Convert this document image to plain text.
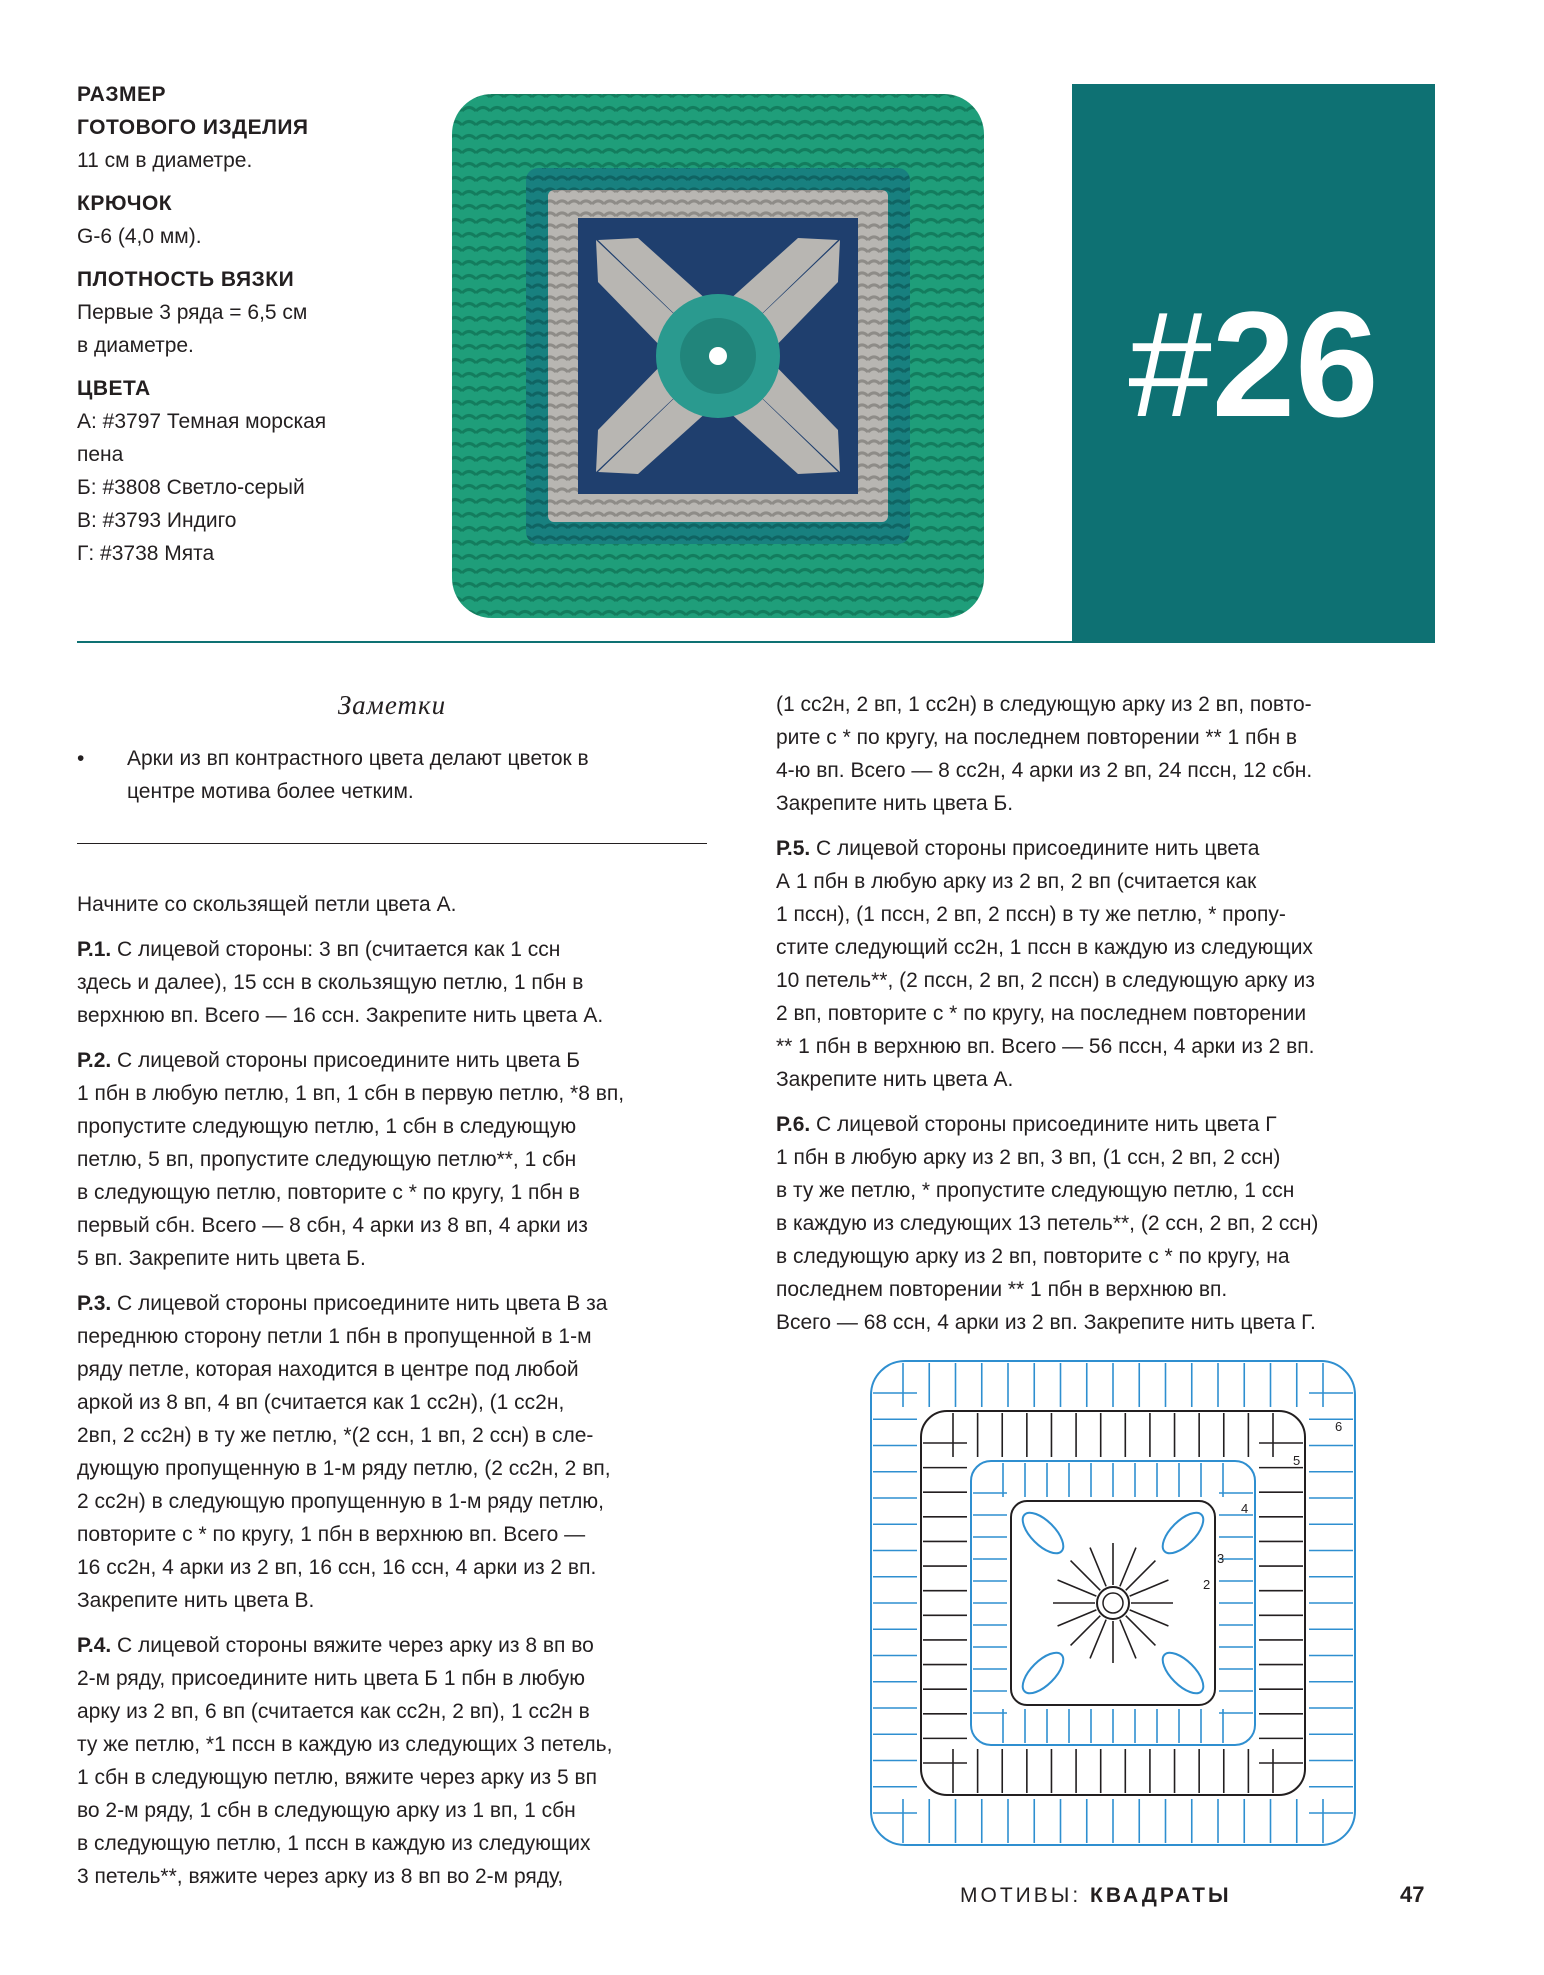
РАЗМЕР
ГОТОВОГО ИЗДЕЛИЯ
11 см в диаметре.
КРЮЧОК
G-6 (4,0 мм).
ПЛОТНОСТЬ ВЯЗКИ
Первые 3 ряда = 6,5 см
в диаметре.
ЦВЕТА
А: #3797 Темная морская
пена
Б: #3808 Светло-серый
В: #3793 Индиго
Г: #3738 Мята
#26
Заметки
• Арки из вп контрастного цвета делают цветок в
центре мотива более четким.

Начните со скользящей петли цвета А.

Р.1. С лицевой стороны: 3 вп (считается как 1 ссн
здесь и далее), 15 ссн в скользящую петлю, 1 пбн в
верхнюю вп. Всего — 16 ссн. Закрепите нить цвета А.

Р.2. С лицевой стороны присоедините нить цвета Б
1 пбн в любую петлю, 1 вп, 1 сбн в первую петлю, *8 вп,
пропустите следующую петлю, 1 сбн в следующую
петлю, 5 вп, пропустите следующую петлю**, 1 сбн
в следующую петлю, повторите с * по кругу, 1 пбн в
первый сбн. Всего — 8 сбн, 4 арки из 8 вп, 4 арки из
5 вп. Закрепите нить цвета Б.

Р.3. С лицевой стороны присоедините нить цвета В за
переднюю сторону петли 1 пбн в пропущенной в 1-м
ряду петле, которая находится в центре под любой
аркой из 8 вп, 4 вп (считается как 1 сс2н), (1 сс2н,
2вп, 2 сс2н) в ту же петлю, *(2 ссн, 1 вп, 2 ссн) в сле-
дующую пропущенную в 1-м ряду петлю, (2 сс2н, 2 вп,
2 сс2н) в следующую пропущенную в 1-м ряду петлю,
повторите с * по кругу, 1 пбн в верхнюю вп. Всего —
16 сс2н, 4 арки из 2 вп, 16 ссн, 16 ссн, 4 арки из 2 вп.
Закрепите нить цвета В.

Р.4. С лицевой стороны вяжите через арку из 8 вп во
2-м ряду, присоедините нить цвета Б 1 пбн в любую
арку из 2 вп, 6 вп (считается как сс2н, 2 вп), 1 сс2н в
ту же петлю, *1 пссн в каждую из следующих 3 петель,
1 сбн в следующую петлю, вяжите через арку из 5 вп
во 2-м ряду, 1 сбн в следующую арку из 1 вп, 1 сбн
в следующую петлю, 1 пссн в каждую из следующих
3 петель**, вяжите через арку из 8 вп во 2-м ряду,

(1 сс2н, 2 вп, 1 сс2н) в следующую арку из 2 вп, повто-
рите с * по кругу, на последнем повторении ** 1 пбн в
4-ю вп. Всего — 8 сс2н, 4 арки из 2 вп, 24 пссн, 12 сбн.
Закрепите нить цвета Б.

Р.5. С лицевой стороны присоедините нить цвета
А 1 пбн в любую арку из 2 вп, 2 вп (считается как
1 пссн), (1 пссн, 2 вп, 2 пссн) в ту же петлю, * пропу-
стите следующий сс2н, 1 пссн в каждую из следующих
10 петель**, (2 пссн, 2 вп, 2 пссн) в следующую арку из
2 вп, повторите с * по кругу, на последнем повторении
** 1 пбн в верхнюю вп. Всего — 56 пссн, 4 арки из 2 вп.
Закрепите нить цвета А.

Р.6. С лицевой стороны присоедините нить цвета Г
1 пбн в любую арку из 2 вп, 3 вп, (1 ссн, 2 вп, 2 ссн)
в ту же петлю, * пропустите следующую петлю, 1 ссн
в каждую из следующих 13 петель**, (2 ссн, 2 вп, 2 ссн)
в следующую арку из 2 вп, повторите с * по кругу, на
последнем повторении ** 1 пбн в верхнюю вп.
Всего — 68 ссн, 4 арки из 2 вп. Закрепите нить цвета Г.

2
3
4
5
6
МОТИВЫ: КВАДРАТЫ	47
